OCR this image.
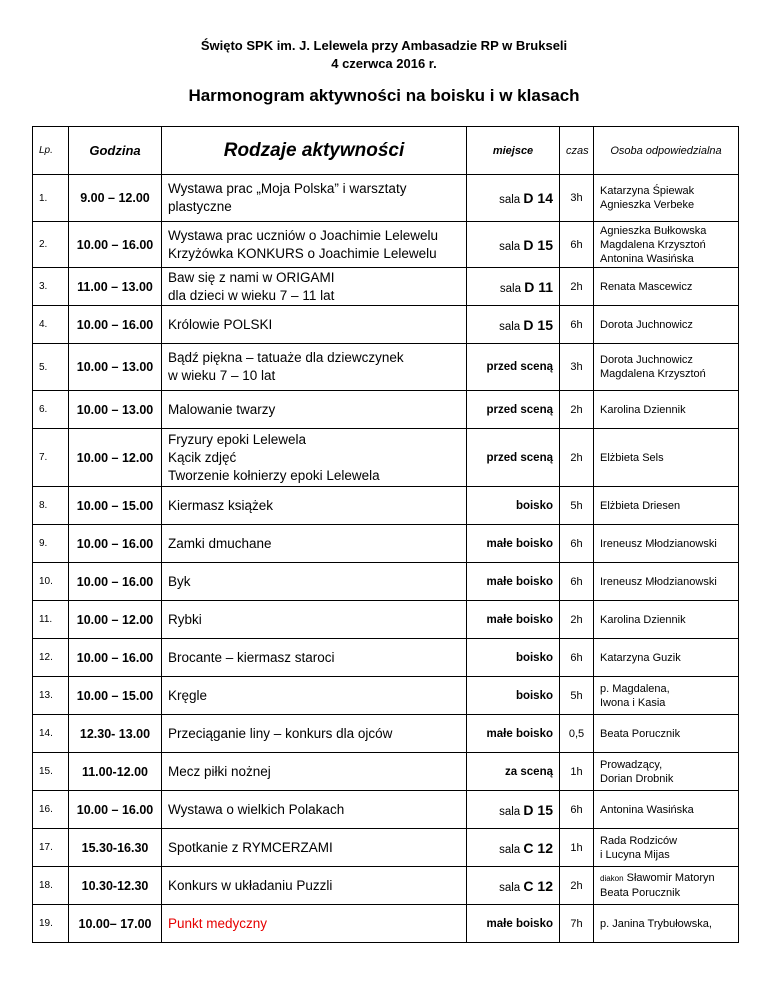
Święto SPK im. J. Lelewela przy Ambasadzie RP w Brukseli
4 czerwca 2016 r.
Harmonogram aktywności na boisku i w klasach
Lp.	Godzina	Rodzaje aktywności	miejsce	czas	Osoba odpowiedzialna
1.	9.00 – 12.00	Wystawa prac „Moja Polska” i warsztaty
plastyczne	sala D 14	3h	Katarzyna Śpiewak
Agnieszka Verbeke

2.	10.00 – 16.00	Wystawa prac uczniów o Joachimie Lelewelu
Krzyżówka KONKURS o Joachimie Lelewelu	sala D 15	6h	Agnieszka Bułkowska
Magdalena Krzysztoń
Antonina Wasińska

3.	11.00 – 13.00	Baw się z nami w ORIGAMI
dla dzieci w wieku 7 – 11 lat	sala D 11	2h	Renata Mascewicz

4.	10.00 – 16.00	Królowie POLSKI	sala D 15	6h	Dorota Juchnowicz

5.	10.00 – 13.00	Bądź piękna – tatuaże dla dziewczynek
w wieku 7 – 10 lat	przed sceną	3h	Dorota Juchnowicz
Magdalena Krzysztoń

6.	10.00 – 13.00	Malowanie twarzy	przed sceną	2h	Karolina Dziennik

7.	10.00 – 12.00	Fryzury epoki Lelewela
Kącik zdjęć
Tworzenie kołnierzy epoki Lelewela	przed sceną	2h	Elżbieta Sels

8.	10.00 – 15.00	Kiermasz książek	boisko	5h	Elżbieta Driesen

9.	10.00 – 16.00	Zamki dmuchane	małe boisko	6h	Ireneusz Młodzianowski

10.	10.00 – 16.00	Byk	małe boisko	6h	Ireneusz Młodzianowski

11.	10.00 – 12.00	Rybki	małe boisko	2h	Karolina Dziennik

12.	10.00 – 16.00	Brocante – kiermasz staroci	boisko	6h	Katarzyna Guzik

13.	10.00 – 15.00	Kręgle	boisko	5h	p. Magdalena,
Iwona i Kasia

14.	12.30- 13.00	Przeciąganie liny – konkurs dla ojców	małe boisko	0,5	Beata Porucznik

15.	11.00-12.00	Mecz piłki nożnej	za sceną	1h	Prowadzący,
Dorian Drobnik

16.	10.00 – 16.00	Wystawa o wielkich Polakach	sala D 15	6h	Antonina Wasińska

17.	15.30-16.30	Spotkanie z RYMCERZAMI	sala C 12	1h	Rada Rodziców
i Lucyna Mijas

18.	10.30-12.30	Konkurs w układaniu Puzzli	sala C 12	2h	diakon Sławomir Matoryn
Beata Porucznik

19.	10.00– 17.00	Punkt medyczny	małe boisko	7h	p. Janina Trybułowska,
